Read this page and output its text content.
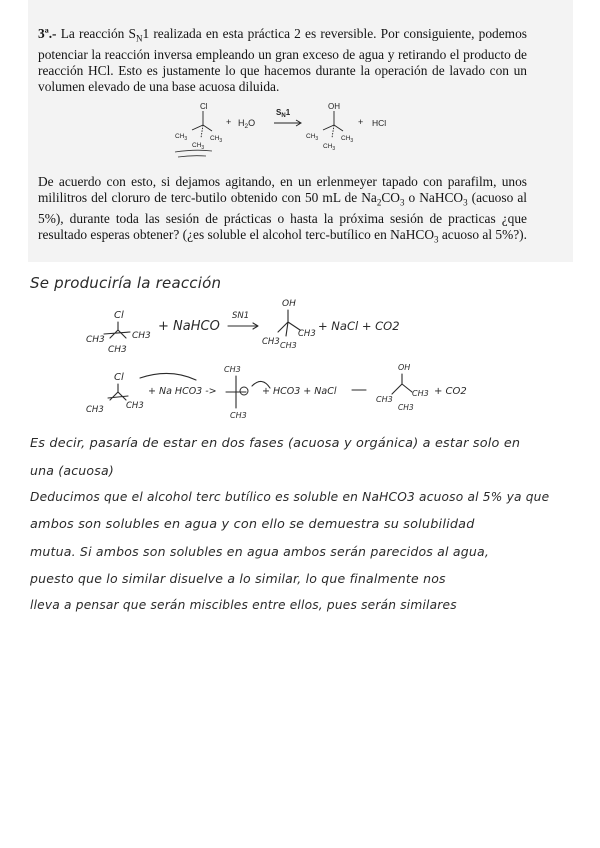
3ª.- La reacción $S_N1$ realizada en esta práctica 2 es reversible. Por consiguiente, podemos potenciar la reacción inversa empleando un gran exceso de agua y retirando el producto de reacción HCl. Esto es justamente lo que hacemos durante la operación de lavado con un volumen elevado de una base acuosa diluida.

Cl
$CH_3$	$CH_3$
$CH_3$
+ $H_2O$
$S_N1$
OH
$CH_3$	$CH_3$
$CH_3$
+ HCl

De acuerdo con esto, si dejamos agitando, en un erlenmeyer tapado con parafilm, unos mililitros del cloruro de terc-butilo obtenido con 50 mL de $Na_2CO_3$ o NaHCO$_3$ (acuoso al 5%), durante toda las sesión de prácticas o hasta la próxima sesión de practicas ¿que resultado esperas obtener? (¿es soluble el alcohol terc-butílico en NaHCO$_3$ acuoso al 5%?).

Se produciría la reacción
Cl
CH3	CH3
CH3
+ NaHCO
SN1
OH
CH3
CH3
CH3
+ NaCl + CO2
Cl
CH3	CH3
+ Na HCO3 ->
CH3
CH3
+ HCO3 + NaCl
OH
CH3
CH3
CH3
+ CO2
Es decir, pasaría de estar en dos fases (acuosa y orgánica) a estar solo en
una (acuosa)
Deducimos que el alcohol terc butílico es soluble en NaHCO3 acuoso al 5% ya que
ambos son solubles en agua y con ello se demuestra su solubilidad
mutua. Si ambos son solubles en agua ambos serán parecidos al agua,
puesto que lo similar disuelve a lo similar, lo que finalmente nos
lleva a pensar que serán miscibles entre ellos, pues serán similares
